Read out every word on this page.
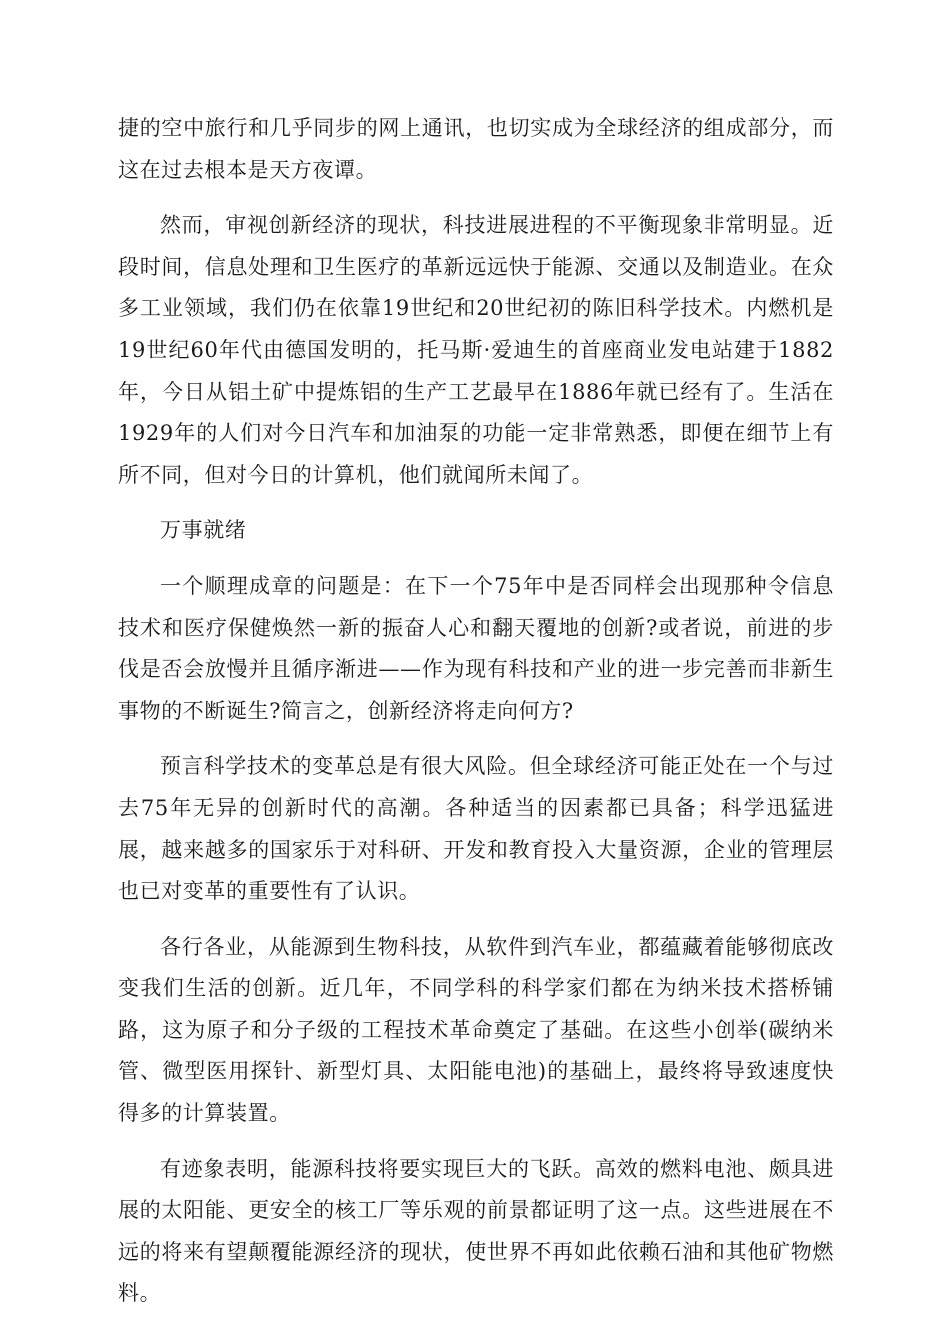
捷的空中旅行和几乎同步的网上通讯，也切实成为全球经济的组成部分，而这在过去根本是天方夜谭。

然而，审视创新经济的现状，科技进展进程的不平衡现象非常明显。近段时间，信息处理和卫生医疗的革新远远快于能源、交通以及制造业。在众多工业领域，我们仍在依靠19世纪和20世纪初的陈旧科学技术。内燃机是19世纪60年代由德国发明的，托马斯·爱迪生的首座商业发电站建于1882年，今日从铝土矿中提炼铝的生产工艺最早在1886年就已经有了。生活在1929年的人们对今日汽车和加油泵的功能一定非常熟悉，即便在细节上有所不同，但对今日的计算机，他们就闻所未闻了。

万事就绪

一个顺理成章的问题是：在下一个75年中是否同样会出现那种令信息技术和医疗保健焕然一新的振奋人心和翻天覆地的创新?或者说，前进的步伐是否会放慢并且循序渐进——作为现有科技和产业的进一步完善而非新生事物的不断诞生?简言之，创新经济将走向何方?

预言科学技术的变革总是有很大风险。但全球经济可能正处在一个与过去75年无异的创新时代的高潮。各种适当的因素都已具备；科学迅猛进展，越来越多的国家乐于对科研、开发和教育投入大量资源，企业的管理层也已对变革的重要性有了认识。

各行各业，从能源到生物科技，从软件到汽车业，都蕴藏着能够彻底改变我们生活的创新。近几年，不同学科的科学家们都在为纳米技术搭桥铺路，这为原子和分子级的工程技术革命奠定了基础。在这些小创举(碳纳米管、微型医用探针、新型灯具、太阳能电池)的基础上，最终将导致速度快得多的计算装置。

有迹象表明，能源科技将要实现巨大的飞跃。高效的燃料电池、颇具进展的太阳能、更安全的核工厂等乐观的前景都证明了这一点。这些进展在不远的将来有望颠覆能源经济的现状，使世界不再如此依赖石油和其他矿物燃料。
